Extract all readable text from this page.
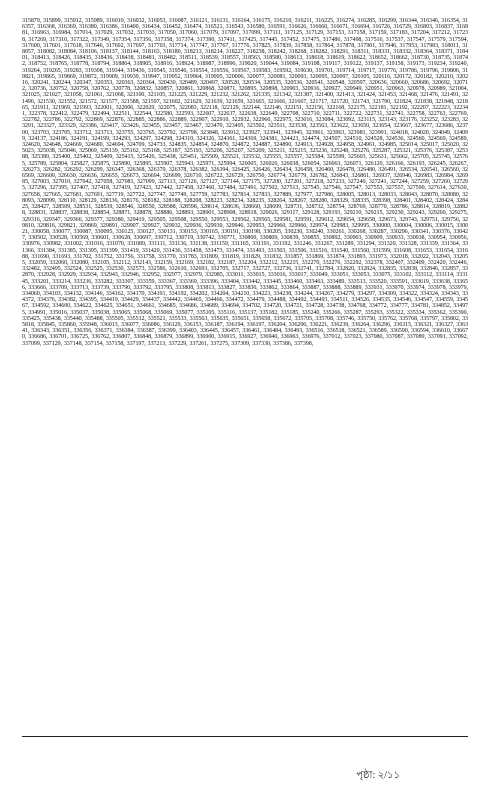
315879, 315899, 315912, 315989, 316010, 316032, 316053, 316087, 316121, 316131, 316164, 316175, 316210, 316211, 316225, 316274, 316285, 316299, 316344, 316346, 316354, 316357, 316368, 316369, 316380, 316386, 316400, 316434, 316452, 316474, 316521, 316543, 316580, 316591, 316626, 316660, 316671, 316694, 316726, 316729, 316803, 316837, 316881, 316963, 316984, 317014, 317029, 317032, 317033, 317050, 317060, 317079, 317097, 317099, 317111, 317125, 317129, 317153, 317158, 317159, 317183, 317204, 317212, 317238, 317269, 317310, 317322, 317349, 317354, 317356, 317358, 317374, 317390, 317411, 317425, 317445, 317452, 317475, 317486, 317498, 317516, 317537, 317547, 317579, 317594, 317600, 317601, 317618, 317646, 317692, 317697, 317703, 317714, 317747, 317767, 317776, 317825, 317839, 317858, 317864, 317878, 317901, 317946, 317953, 317983, 318011, 318057, 318082, 318084, 318106, 318137, 318144, 318163, 318180, 318213, 318214, 318227, 318238, 318242, 318268, 318282, 318291, 318311, 318331, 318332, 318364, 318371, 318401, 318413, 318426, 318435, 318436, 318438, 318481, 318482, 318511, 318539, 318557, 318563, 318580, 318613, 318618, 318619, 318622, 318652, 318662, 318730, 318735, 318742, 318752, 318765, 318778, 318794, 318864, 318905, 318916, 318924, 318987, 318996, 319020, 319044, 319084, 319108, 319117, 319122, 319137, 319158, 319173, 319234, 319240, 319264, 319265, 319283, 319308, 319344, 319436, 319545, 319546, 319554, 319556, 319567, 319583, 319592, 319630, 319701, 319714, 319717, 319776, 319786, 319796, 319806, 319821, 319865, 319869, 319872, 319909, 319939, 319947, 319952, 319964, 319995, 320006, 320077, 320081, 320093, 320095, 320097, 320105, 320116, 320172, 320182, 320210, 320216, 320241, 320244, 320347, 320353, 320363, 320364, 320430, 320489, 320497, 320520, 320534, 320535, 320536, 320541, 320548, 320597, 320636, 320660, 320686, 320692, 320712, 320736, 320752, 320758, 320762, 320778, 320832, 320857, 320861, 320868, 320871, 320895, 320898, 320903, 320916, 320927, 320949, 320951, 320963, 320978, 320989, 321004, 321025, 321027, 321058, 321061, 321068, 321100, 321105, 321225, 321229, 321232, 321262, 321335, 321342, 321387, 321400, 321413, 321424, 321453, 321468, 321476, 321491, 321496, 321530, 321552, 321572, 321577, 321588, 321597, 321602, 321629, 321639, 321659, 321665, 321666, 321667, 321717, 321720, 321743, 321790, 321824, 321838, 321848, 321865, 321911, 321969, 321993, 322001, 322006, 322029, 322075, 322083, 322118, 322129, 322144, 322146, 322151, 322156, 322168, 322175, 322181, 322192, 322207, 322223, 322341, 322378, 322412, 322479, 322494, 322511, 322544, 322580, 322593, 322607, 322637, 322638, 322649, 322708, 322710, 322711, 322722, 322731, 322741, 322758, 322763, 322769, 322782, 322786, 322792, 322869, 322876, 322885, 322886, 322889, 322907, 322910, 322932, 322960, 322975, 323016, 323084, 323092, 323115, 323143, 323176, 323252, 323283, 323291, 323327, 323329, 323386, 323417, 323426, 323455, 323457, 323467, 323470, 323495, 323502, 323511, 323538, 323563, 323622, 323650, 323654, 323667, 323677, 323686, 323700, 323703, 323705, 323712, 323713, 323755, 323765, 323792, 323798, 323848, 323912, 323927, 323941, 323945, 323961, 323963, 323981, 323991, 324018, 324020, 324049, 324099, 324137, 324186, 324191, 324199, 324293, 324297, 324298, 324310, 324326, 324361, 324369, 324381, 324423, 324474, 324507, 324510, 324528, 324536, 324560, 324569, 324589, 324620, 324648, 324669, 324680, 324694, 324709, 324733, 324835, 324854, 324870, 324872, 324887, 324890, 324913, 324928, 324958, 324961, 324985, 325014, 325017, 325020, 325023, 325038, 325046, 325069, 325139, 325162, 325168, 325187, 325193, 325206, 325207, 325209, 325211, 325215, 325236, 325248, 325276, 325287, 325321, 325376, 325387, 325388, 325389, 325400, 325402, 325409, 325415, 325426, 325438, 325451, 325509, 325521, 325532, 325555, 325557, 325584, 325599, 325603, 325631, 325662, 325705, 325745, 325765, 325789, 325804, 325827, 325875, 325890, 325895, 325907, 325943, 325971, 325994, 326005, 326026, 326038, 326054, 326063, 326071, 326120, 326166, 326193, 326245, 326267, 326273, 326282, 326292, 326299, 326347, 326368, 326370, 326378, 326382, 326394, 326425, 326426, 326434, 326458, 326460, 326478, 326480, 326491, 326534, 326541, 326560, 326569, 326600, 326630, 326636, 326655, 326673, 326694, 326699, 326710, 326722, 326729, 326750, 326774, 326779, 326782, 326843, 326861, 326937, 326946, 326983, 326984, 326985, 327003, 327010, 327042, 327058, 327081, 327099, 327113, 327126, 327127, 327144, 327175, 327200, 327201, 327218, 327233, 327240, 327241, 327244, 327259, 327260, 327295, 327296, 327395, 327407, 327418, 327419, 327423, 327442, 327458, 327460, 327484, 327491, 327502, 327513, 327545, 327546, 327547, 327553, 327557, 327590, 327614, 327630, 327658, 327665, 327681, 327691, 327719, 327722, 327747, 327749, 327759, 327783, 327814, 327833, 327889, 327977, 327986, 328005, 328013, 328033, 328043, 328070, 328080, 328093, 328099, 328110, 328129, 328136, 328176, 328182, 328188, 328208, 328223, 328234, 328235, 328264, 328267, 328280, 328329, 328335, 328398, 328401, 328402, 328424, 328425, 328427, 328509, 328531, 328539, 328546, 328550, 328588, 328598, 328614, 328636, 328660, 328699, 328731, 328732, 328754, 328769, 328770, 328786, 328814, 328819, 328828, 328831, 328837, 328838, 328854, 328871, 328878, 328886, 328893, 328901, 328908, 328918, 329026, 329117, 329128, 329193, 329210, 329215, 329230, 329243, 329260, 329275, 329316, 329347, 329366, 329377, 329380, 329419, 329505, 329508, 329550, 329553, 329562, 329565, 329581, 329591, 329612, 329654, 329658, 329673, 329743, 329751, 329756, 329810, 329816, 329821, 329869, 329891, 329907, 329927, 329932, 329936, 329939, 329946, 329953, 329960, 329966, 329974, 329983, 329995, 330000, 330004, 330006, 330015, 330021, 330058, 330077, 330087, 330095, 330125, 330127, 330131, 330153, 330165, 330191, 330198, 330205, 330230, 330240, 330261, 330268, 330287, 330296, 330341, 330376, 330427, 330502, 330528, 330569, 330601, 330628, 330697, 330712, 330719, 330742, 330771, 330800, 330809, 330839, 330855, 330892, 330903, 330909, 330933, 330938, 330954, 330956, 330976, 330982, 331002, 331016, 331070, 331089, 331111, 331136, 331138, 331159, 331165, 331191, 331192, 331246, 331267, 331289, 331294, 331320, 331328, 331339, 331364, 331366, 331384, 331385, 331395, 331399, 331419, 331420, 331436, 331458, 331473, 331474, 331493, 331503, 331506, 331516, 331540, 331560, 331599, 331608, 331653, 331654, 331688, 331690, 331693, 331702, 331752, 331756, 331758, 331770, 331783, 331809, 331819, 331829, 331832, 331857, 331869, 331874, 331893, 331973, 332018, 332022, 332043, 332055, 332059, 332060, 332080, 332105, 332112, 332143, 332159, 332169, 332182, 332187, 332204, 332212, 332215, 332270, 332276, 332292, 332378, 332407, 332409, 332420, 332446, 332482, 332495, 332524, 332525, 332530, 332573, 332586, 332610, 332693, 332705, 332717, 332727, 332736, 332741, 332784, 332820, 332824, 332835, 332838, 332846, 332857, 332870, 332928, 332929, 332934, 332943, 332946, 332952, 332977, 332979, 332985, 333011, 333015, 333016, 333017, 333049, 333051, 333053, 333075, 333102, 333112, 333114, 333145, 333201, 333214, 333236, 333282, 333307, 333359, 333367, 333369, 333396, 333404, 333442, 333445, 333460, 333463, 333489, 333513, 333520, 333591, 333619, 333638, 333656, 333666, 333709, 333713, 333739, 333790, 333792, 333795, 333808, 333813, 333827, 333836, 333862, 333864, 333887, 333888, 333889, 333931, 333970, 333974, 333978, 333979, 334060, 334103, 334132, 334146, 334162, 334170, 334191, 334192, 334202, 334204, 334210, 334223, 334238, 334244, 334267, 334279, 334297, 334309, 334322, 334324, 334343, 334372, 334376, 334382, 334395, 334419, 334429, 334437, 334442, 334465, 334466, 334472, 334479, 334488, 334492, 334493, 334511, 334526, 334535, 334546, 334547, 334559, 334567, 334592, 334600, 334622, 334625, 334651, 334661, 334685, 334686, 334689, 334694, 334702, 334720, 334721, 334728, 334738, 334768, 334772, 334777, 334781, 334852, 334975, 334991, 335016, 335037, 335038, 335065, 335068, 335069, 335077, 335105, 335116, 335137, 335182, 335185, 335240, 335266, 335287, 335293, 335322, 335334, 335362, 335390, 335425, 335438, 335440, 335488, 335505, 335512, 335521, 335533, 335563, 335635, 335651, 335658, 335672, 335705, 335708, 335746, 335750, 335762, 335768, 335797, 335802, 335818, 335845, 335860, 335948, 336013, 336077, 336086, 336129, 336153, 336187, 336194, 336197, 336204, 336206, 336221, 336239, 336264, 336296, 336315, 336321, 336327, 336341, 336343, 336351, 336356, 336371, 336384, 336387, 336399, 336403, 336445, 336457, 336461, 336484, 336493, 336516, 336518, 336521, 336589, 336590, 336594, 336610, 336670, 336686, 336701, 336725, 336762, 336807, 336848, 336879, 336899, 336900, 336915, 336927, 336940, 336963, 336976, 337012, 337023, 337080, 337087, 337089, 337091, 337092, 337099, 337129, 337148, 337154, 337158, 337197, 337213, 337229, 337261, 337275, 337309, 337330, 337386, 337398,

পৃষ্ঠা: ২/১১
